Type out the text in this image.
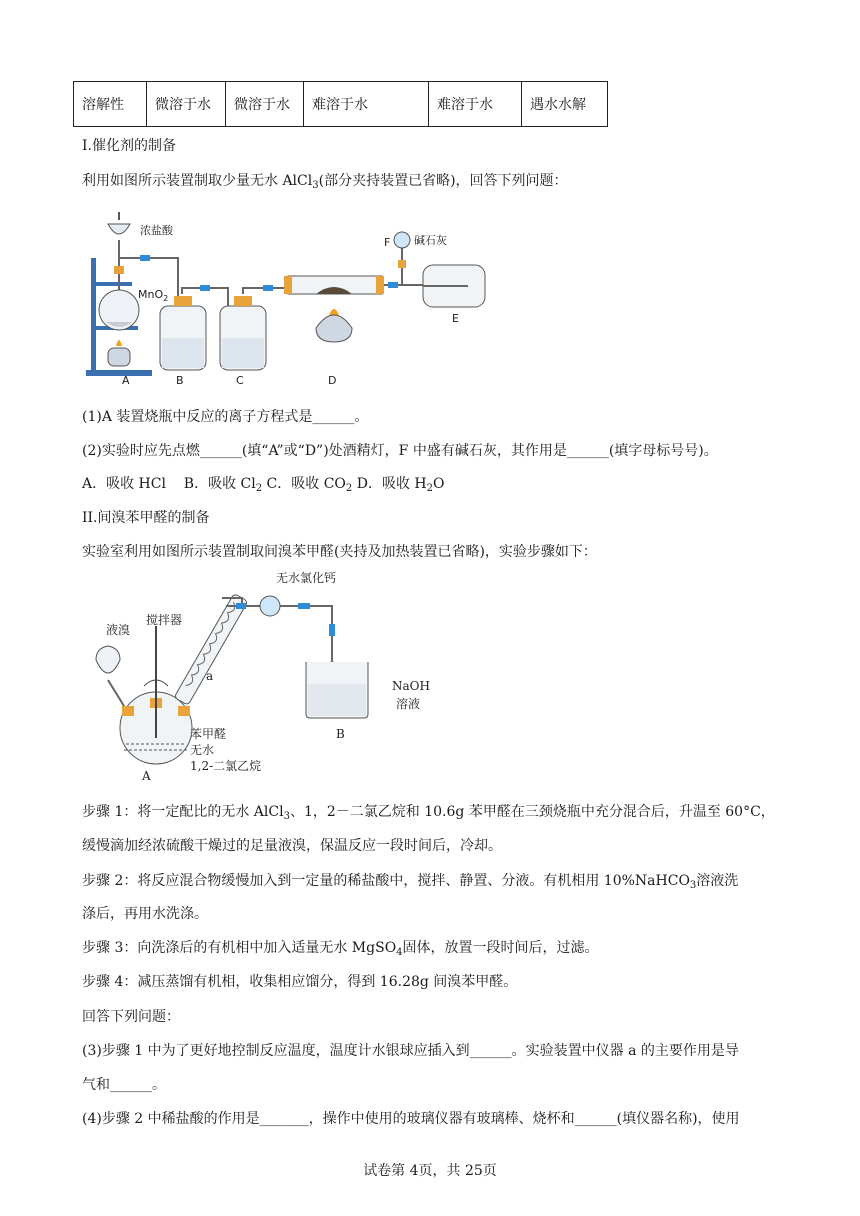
溶解性	微溶于水	微溶于水	难溶于水	难溶于水	遇水水解
I.催化剂的制备
利用如图所示装置制取少量无水 AlCl$_3$(部分夹持装置已省略)，回答下列问题：
浓盐酸
MnO$_2$
F 碱石灰
A	B	C	D
E
(1)A 装置烧瓶中反应的离子方程式是______。
(2)实验时应先点燃______(填“A”或“D”)处酒精灯，F 中盛有碱石灰，其作用是______(填字母标号号)。
A．吸收 HCl B．吸收 $Cl_2$ C．吸收 $CO_2$ D．吸收 $H_2O$
II.间溴苯甲醛的制备
实验室利用如图所示装置制取间溴苯甲醛(夹持及加热装置已省略)，实验步骤如下：
无水氯化钙
液溴
搅拌器
a
NaOH
溶液
B
A
苯甲醛
无水
1,2-二氯乙烷
步骤 1：将一定配比的无水 AlCl$_3$、1，2－二氯乙烷和 10.6g 苯甲醛在三颈烧瓶中充分混合后，升温至 60°C，
缓慢滴加经浓硫酸干燥过的足量液溴，保温反应一段时间后，冷却。
步骤 2：将反应混合物缓慢加入到一定量的稀盐酸中，搅拌、静置、分液。有机相用 10%NaHCO$_3$溶液洗
涤后，再用水洗涤。
步骤 3：向洗涤后的有机相中加入适量无水 MgSO$_4$固体，放置一段时间后，过滤。
步骤 4：减压蒸馏有机相，收集相应馏分，得到 16.28g 间溴苯甲醛。
回答下列问题：
(3)步骤 1 中为了更好地控制反应温度，温度计水银球应插入到______。实验装置中仪器 a 的主要作用是导
气和______。
(4)步骤 2 中稀盐酸的作用是_______，操作中使用的玻璃仪器有玻璃棒、烧杯和______(填仪器名称)，使用
试卷第 4页，共 25页
